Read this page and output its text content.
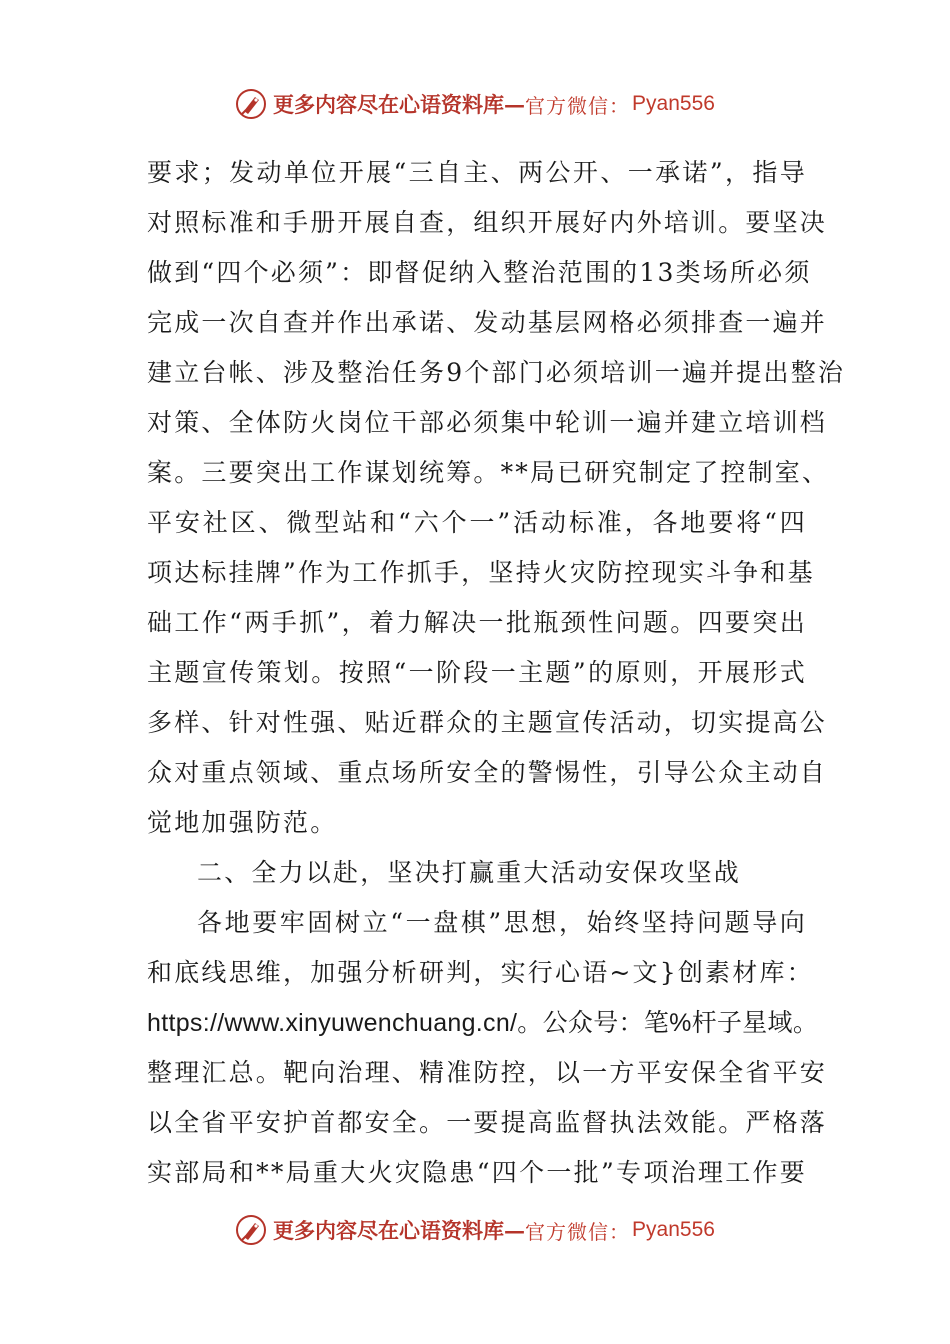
更多内容尽在心语资料库 — 官方微信： Pyan556
要求；发动单位开展“三自主、两公开、一承诺”，指导
对照标准和手册开展自查，组织开展好内外培训。要坚决
做到“四个必须”：即督促纳入整治范围的13类场所必须
完成一次自查并作出承诺、发动基层网格必须排查一遍并
建立台帐、涉及整治任务9个部门必须培训一遍并提出整治
对策、全体防火岗位干部必须集中轮训一遍并建立培训档
案。三要突出工作谋划统筹。**局已研究制定了控制室、
平安社区、微型站和“六个一”活动标准，各地要将“四
项达标挂牌”作为工作抓手，坚持火灾防控现实斗争和基
础工作“两手抓”，着力解决一批瓶颈性问题。四要突出
主题宣传策划。按照“一阶段一主题”的原则，开展形式
多样、针对性强、贴近群众的主题宣传活动，切实提高公
众对重点领域、重点场所安全的警惕性，引导公众主动自
觉地加强防范。
二、全力以赴，坚决打赢重大活动安保攻坚战
各地要牢固树立“一盘棋”思想，始终坚持问题导向
和底线思维，加强分析研判，实行心语~文}创素材库：
https://www.xinyuwenchuang.cn/。公众号：笔%杆子星域。
整理汇总。靶向治理、精准防控，以一方平安保全省平安
以全省平安护首都安全。一要提高监督执法效能。严格落
实部局和**局重大火灾隐患“四个一批”专项治理工作要
更多内容尽在心语资料库 — 官方微信： Pyan556
